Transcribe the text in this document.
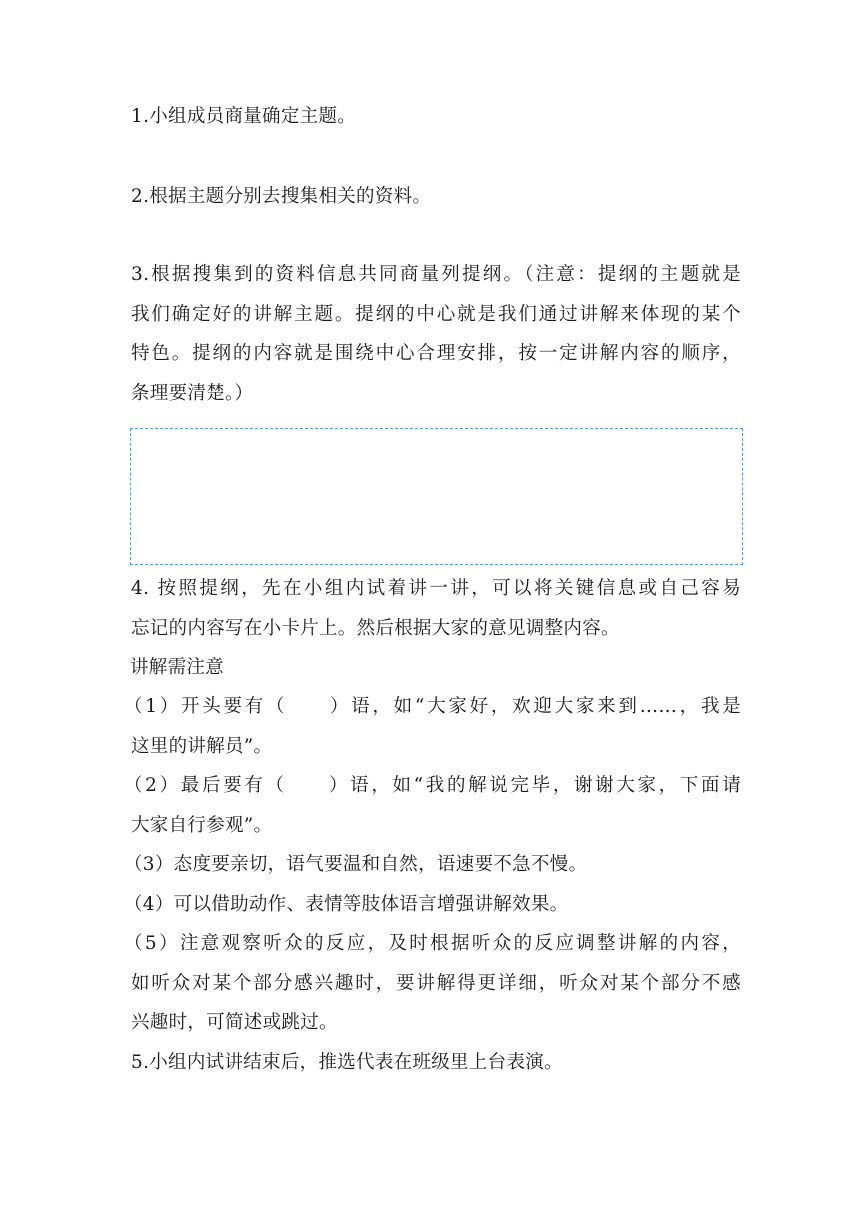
1.小组成员商量确定主题。
2.根据主题分别去搜集相关的资料。
3.根据搜集到的资料信息共同商量列提纲。（注意：提纲的主题就是
我们确定好的讲解主题。提纲的中心就是我们通过讲解来体现的某个
特色。提纲的内容就是围绕中心合理安排，按一定讲解内容的顺序，
条理要清楚。）
4. 按照提纲，先在小组内试着讲一讲，可以将关键信息或自己容易
忘记的内容写在小卡片上。然后根据大家的意见调整内容。
讲解需注意
（1）开头要有（　　）语，如“大家好，欢迎大家来到……，我是
这里的讲解员”。
（2）最后要有（　　）语，如“我的解说完毕，谢谢大家，下面请
大家自行参观”。
（3）态度要亲切，语气要温和自然，语速要不急不慢。
（4）可以借助动作、表情等肢体语言增强讲解效果。
（5）注意观察听众的反应，及时根据听众的反应调整讲解的内容，
如听众对某个部分感兴趣时，要讲解得更详细，听众对某个部分不感
兴趣时，可简述或跳过。
5.小组内试讲结束后，推选代表在班级里上台表演。
